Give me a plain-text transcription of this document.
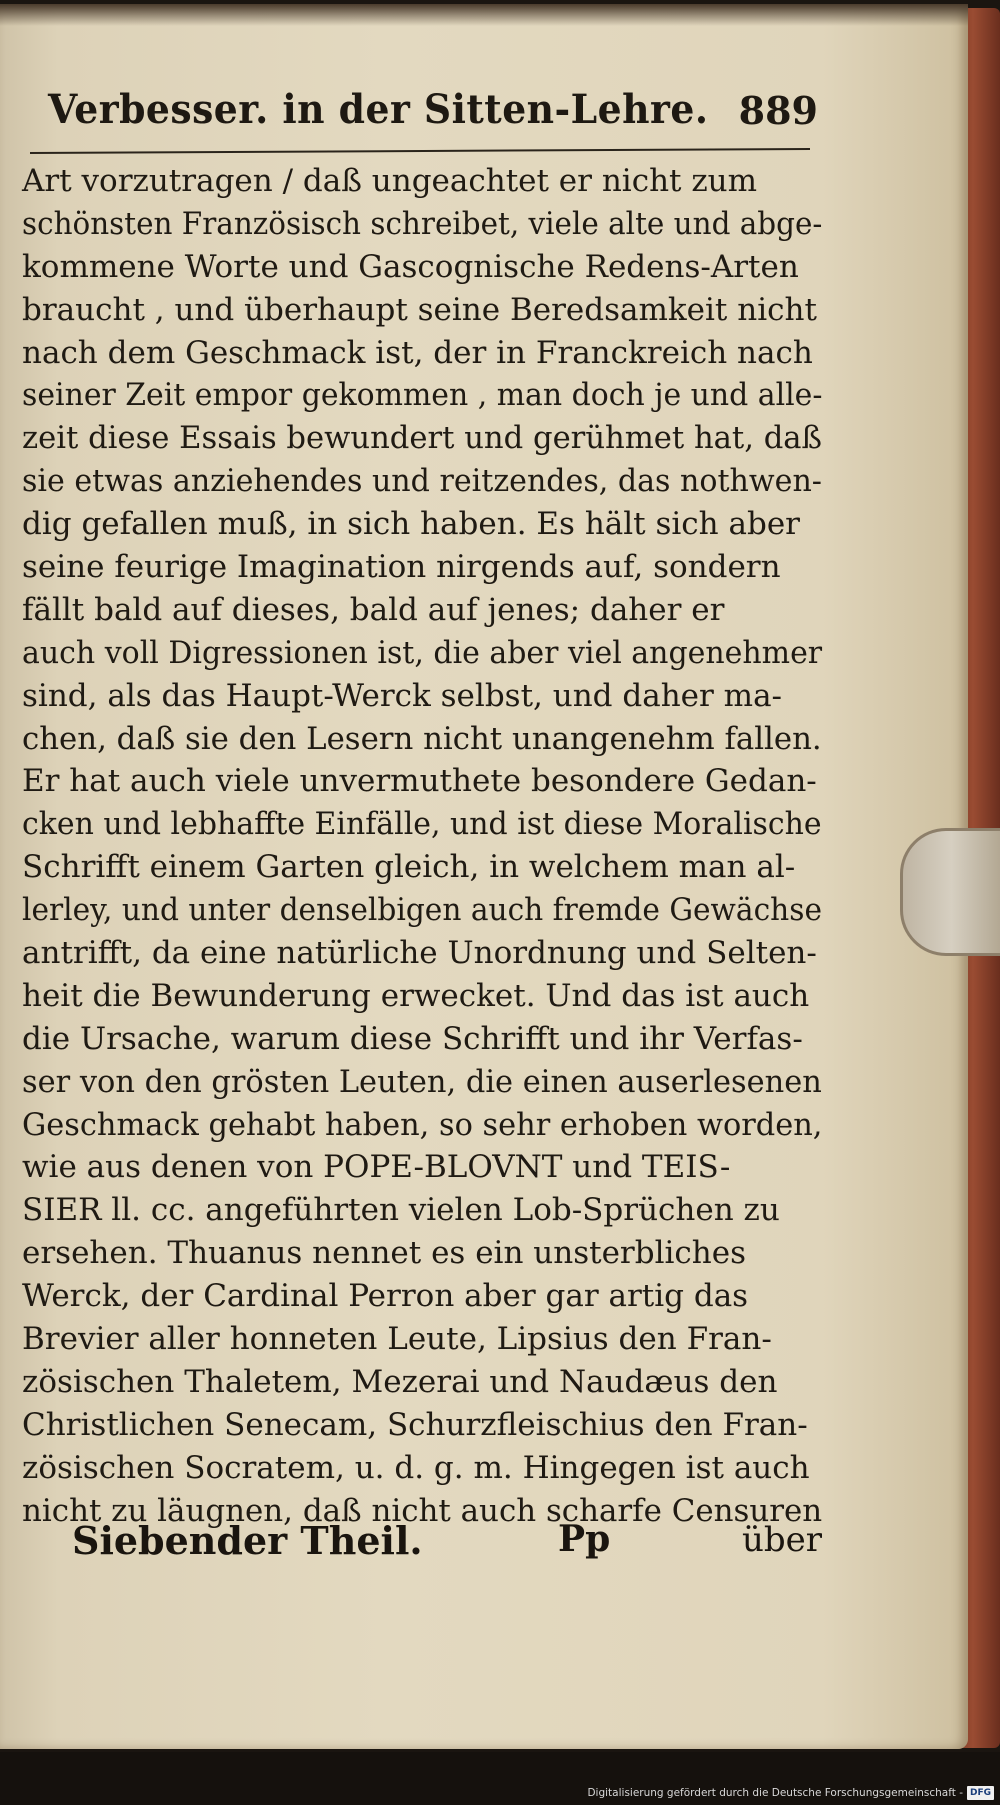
Verbesser. in der Sitten-Lehre. 889
Art vorzutragen / daß ungeachtet er nicht zum
schönsten Französisch schreibet, viele alte und abge-
kommene Worte und Gascognische Redens-Arten
braucht , und überhaupt seine Beredsamkeit nicht
nach dem Geschmack ist, der in Franckreich nach
seiner Zeit empor gekommen , man doch je und alle-
zeit diese Essais bewundert und gerühmet hat, daß
sie etwas anziehendes und reitzendes, das nothwen-
dig gefallen muß, in sich haben. Es hält sich aber
seine feurige Imagination nirgends auf, sondern
fällt bald auf dieses, bald auf jenes; daher er
auch voll Digressionen ist, die aber viel angenehmer
sind, als das Haupt-Werck selbst, und daher ma-
chen, daß sie den Lesern nicht unangenehm fallen.
Er hat auch viele unvermuthete besondere Gedan-
cken und lebhaffte Einfälle, und ist diese Moralische
Schrifft einem Garten gleich, in welchem man al-
lerley, und unter denselbigen auch fremde Gewächse
antrifft, da eine natürliche Unordnung und Selten-
heit die Bewunderung erwecket. Und das ist auch
die Ursache, warum diese Schrifft und ihr Verfas-
ser von den grösten Leuten, die einen auserlesenen
Geschmack gehabt haben, so sehr erhoben worden,
wie aus denen von POPE-BLOVNT und TEIS-
SIER ll. cc. angeführten vielen Lob-Sprüchen zu
ersehen. Thuanus nennet es ein unsterbliches
Werck, der Cardinal Perron aber gar artig das
Brevier aller honneten Leute, Lipsius den Fran-
zösischen Thaletem, Mezerai und Naudæus den
Christlichen Senecam, Schurzfleischius den Fran-
zösischen Socratem, u. d. g. m. Hingegen ist auch
nicht zu läugnen, daß nicht auch scharfe Censuren
Siebender Theil.	Pp	über
Digitalisierung gefördert durch die Deutsche Forschungsgemeinschaft - DFG
